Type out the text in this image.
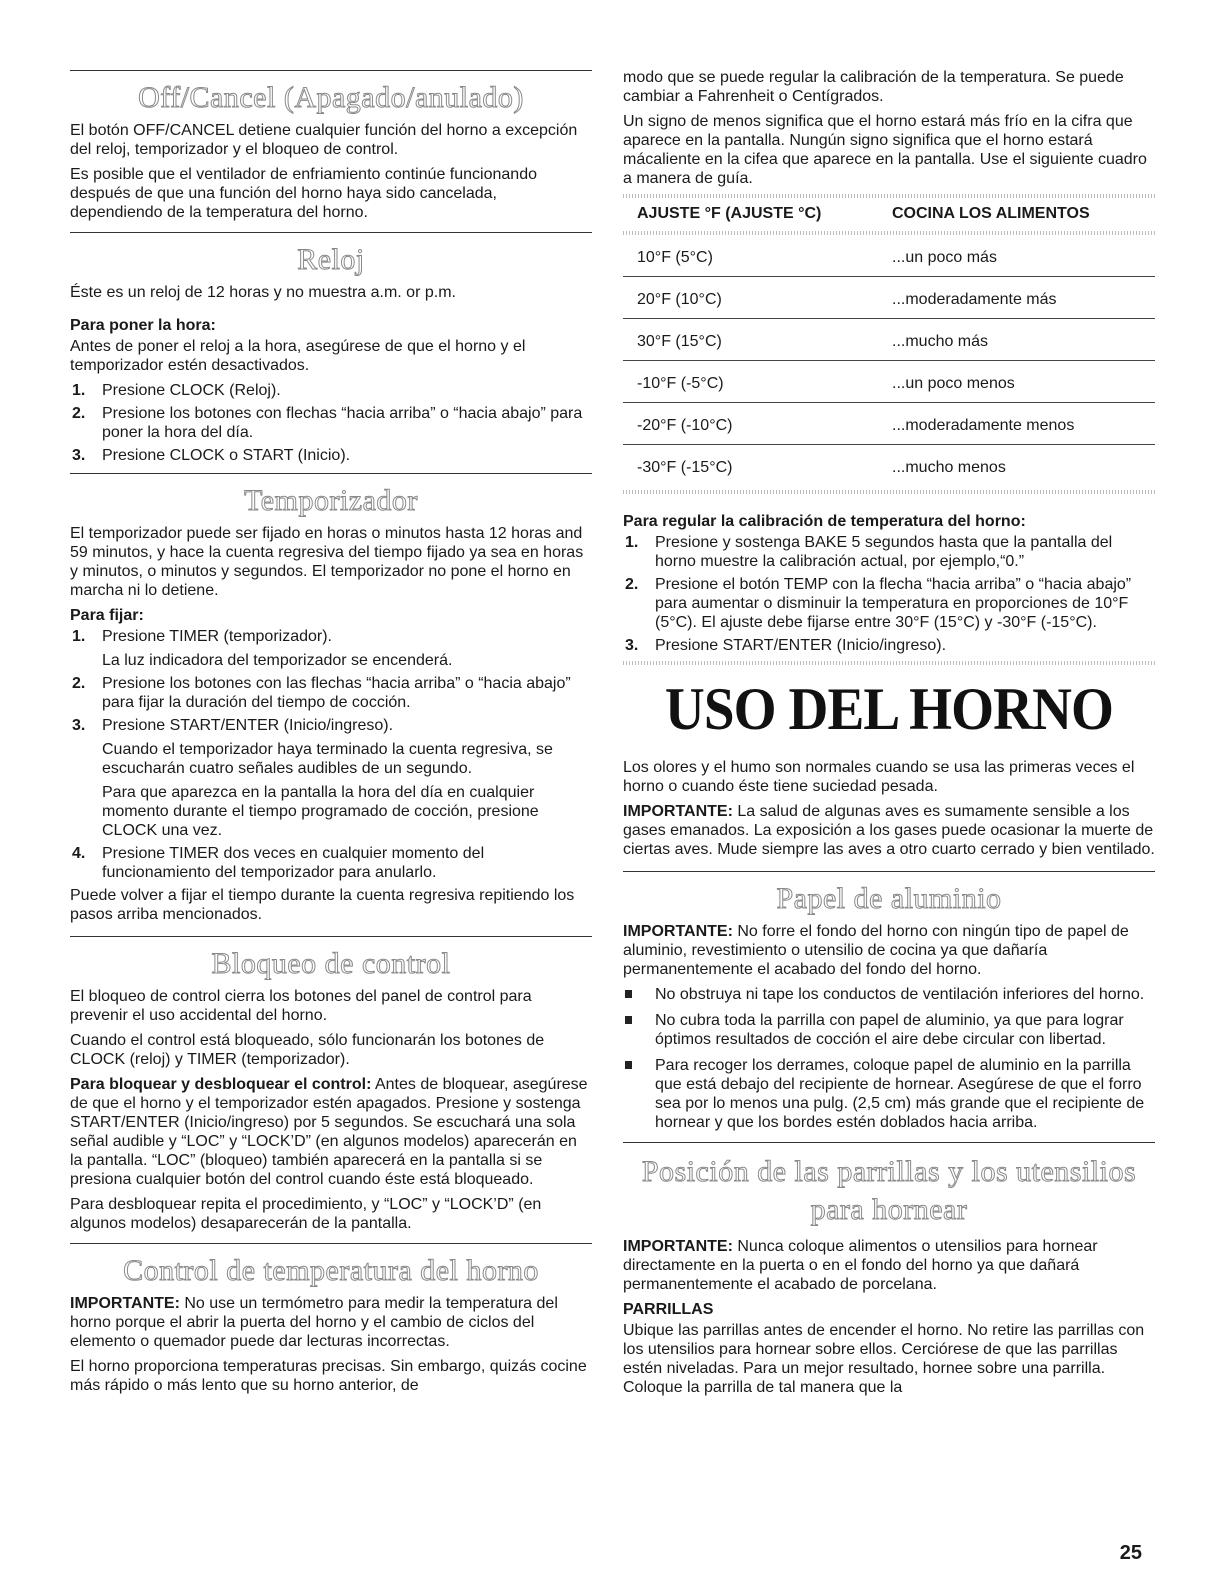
Off/Cancel (Apagado/anulado)

El botón OFF/CANCEL detiene cualquier función del horno a excepción del reloj, temporizador y el bloqueo de control.

Es posible que el ventilador de enfriamiento continúe funcionando después de que una función del horno haya sido cancelada, dependiendo de la temperatura del horno.

Reloj

Éste es un reloj de 12 horas y no muestra a.m. or p.m.

Para poner la hora:

Antes de poner el reloj a la hora, asegúrese de que el horno y el temporizador estén desactivados.

1. Presione CLOCK (Reloj).
2. Presione los botones con flechas “hacia arriba” o “hacia abajo” para poner la hora del día.
3. Presione CLOCK o START (Inicio).
Temporizador

El temporizador puede ser fijado en horas o minutos hasta 12 horas and 59 minutos, y hace la cuenta regresiva del tiempo fijado ya sea en horas y minutos, o minutos y segundos. El temporizador no pone el horno en marcha ni lo detiene.

Para fijar:
1. Presione TIMER (temporizador).
La luz indicadora del temporizador se encenderá.
2. Presione los botones con las flechas “hacia arriba” o “hacia abajo” para fijar la duración del tiempo de cocción.
3. Presione START/ENTER (Inicio/ingreso).
Cuando el temporizador haya terminado la cuenta regresiva, se escucharán cuatro señales audibles de un segundo.
Para que aparezca en la pantalla la hora del día en cualquier momento durante el tiempo programado de cocción, presione CLOCK una vez.
4. Presione TIMER dos veces en cualquier momento del funcionamiento del temporizador para anularlo.

Puede volver a fijar el tiempo durante la cuenta regresiva repitiendo los pasos arriba mencionados.

Bloqueo de control

El bloqueo de control cierra los botones del panel de control para prevenir el uso accidental del horno.

Cuando el control está bloqueado, sólo funcionarán los botones de CLOCK (reloj) y TIMER (temporizador).

Para bloquear y desbloquear el control: Antes de bloquear, asegúrese de que el horno y el temporizador estén apagados. Presione y sostenga START/ENTER (Inicio/ingreso) por 5 segundos. Se escuchará una sola señal audible y “LOC” y “LOCK’D” (en algunos modelos) aparecerán en la pantalla. “LOC” (bloqueo) también aparecerá en la pantalla si se presiona cualquier botón del control cuando éste está bloqueado.

Para desbloquear repita el procedimiento, y “LOC” y “LOCK’D” (en algunos modelos) desaparecerán de la pantalla.

Control de temperatura del horno

IMPORTANTE: No use un termómetro para medir la temperatura del horno porque el abrir la puerta del horno y el cambio de ciclos del elemento o quemador puede dar lecturas incorrectas.

El horno proporciona temperaturas precisas. Sin embargo, quizás cocine más rápido o más lento que su horno anterior, de

modo que se puede regular la calibración de la temperatura. Se puede cambiar a Fahrenheit o Centígrados.

Un signo de menos significa que el horno estará más frío en la cifra que aparece en la pantalla. Nungún signo significa que el horno estará mácaliente en la cifea que aparece en la pantalla. Use el siguiente cuadro a manera de guía.

AJUSTE °F (AJUSTE °C)	COCINA LOS ALIMENTOS

10°F (5°C)	...un poco más
20°F (10°C)	...moderadamente más
30°F (15°C)	...mucho más
-10°F (-5°C)	...un poco menos
-20°F (-10°C)	...moderadamente menos
-30°F (-15°C)	...mucho menos
Para regular la calibración de temperatura del horno:
1. Presione y sostenga BAKE 5 segundos hasta que la pantalla del horno muestre la calibración actual, por ejemplo,“0.”
2. Presione el botón TEMP con la flecha “hacia arriba” o “hacia abajo” para aumentar o disminuir la temperatura en proporciones de 10°F (5°C). El ajuste debe fijarse entre 30°F (15°C) y -30°F (-15°C).
3. Presione START/ENTER (Inicio/ingreso).
USO DEL HORNO

Los olores y el humo son normales cuando se usa las primeras veces el horno o cuando éste tiene suciedad pesada.

IMPORTANTE: La salud de algunas aves es sumamente sensible a los gases emanados. La exposición a los gases puede ocasionar la muerte de ciertas aves. Mude siempre las aves a otro cuarto cerrado y bien ventilado.

Papel de aluminio

IMPORTANTE: No forre el fondo del horno con ningún tipo de papel de aluminio, revestimiento o utensilio de cocina ya que dañaría permanentemente el acabado del fondo del horno.

No obstruya ni tape los conductos de ventilación inferiores del horno.
No cubra toda la parrilla con papel de aluminio, ya que para lograr óptimos resultados de cocción el aire debe circular con libertad.
Para recoger los derrames, coloque papel de aluminio en la parrilla que está debajo del recipiente de hornear. Asegúrese de que el forro sea por lo menos una pulg. (2,5 cm) más grande que el recipiente de hornear y que los bordes estén doblados hacia arriba.
Posición de las parrillas y los utensilios para hornear

IMPORTANTE: Nunca coloque alimentos o utensilios para hornear directamente en la puerta o en el fondo del horno ya que dañará permanentemente el acabado de porcelana.

PARRILLAS

Ubique las parrillas antes de encender el horno. No retire las parrillas con los utensilios para hornear sobre ellos. Cerciórese de que las parrillas estén niveladas. Para un mejor resultado, hornee sobre una parrilla. Coloque la parrilla de tal manera que la

25
